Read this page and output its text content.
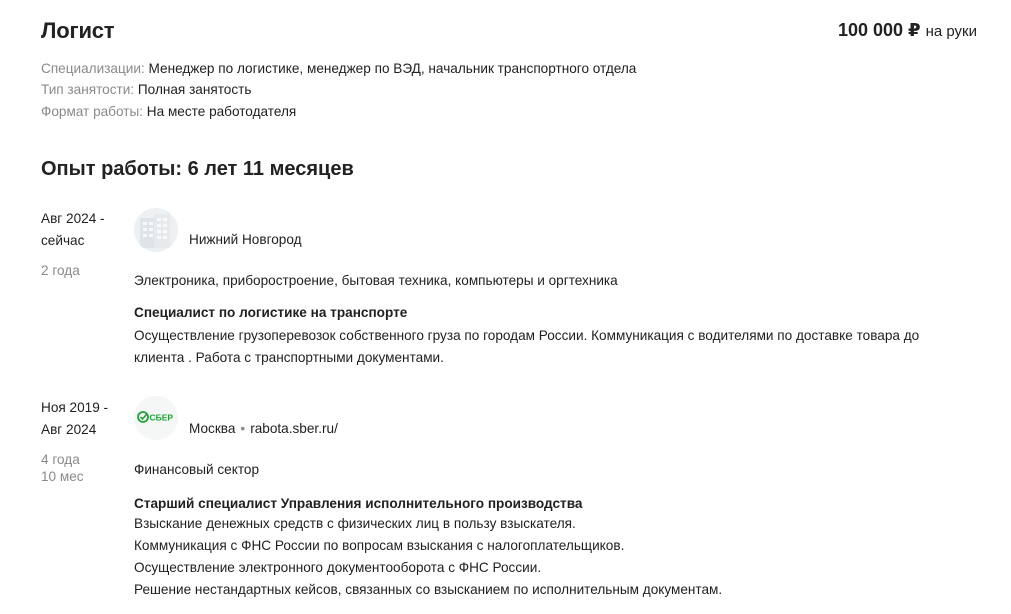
Логист	100 000 ₽ на руки
Специализации: Менеджер по логистике, менеджер по ВЭД, начальник транспортного отдела
Тип занятости: Полная занятость
Формат работы: На месте работодателя
Опыт работы: 6 лет 11 месяцев
Авг 2024 -
сейчас
2 года
Нижний Новгород
Электроника, приборостроение, бытовая техника, компьютеры и оргтехника
Специалист по логистике на транспорте
Осуществление грузоперевозок собственного груза по городам России. Коммуникация с водителями по доставке товара до
клиента . Работа с транспортными документами.
Ноя 2019 -
Авг 2024
4 года
10 мес
СБЕР
Москва • rabota.sber.ru/
Финансовый сектор
Старший специалист Управления исполнительного производства
Взыскание денежных средств с физических лиц в пользу взыскателя.
Коммуникация с ФНС России по вопросам взыскания с налогоплательщиков.
Осуществление электронного документооборота с ФНС России.
Решение нестандартных кейсов, связанных со взысканием по исполнительным документам.
